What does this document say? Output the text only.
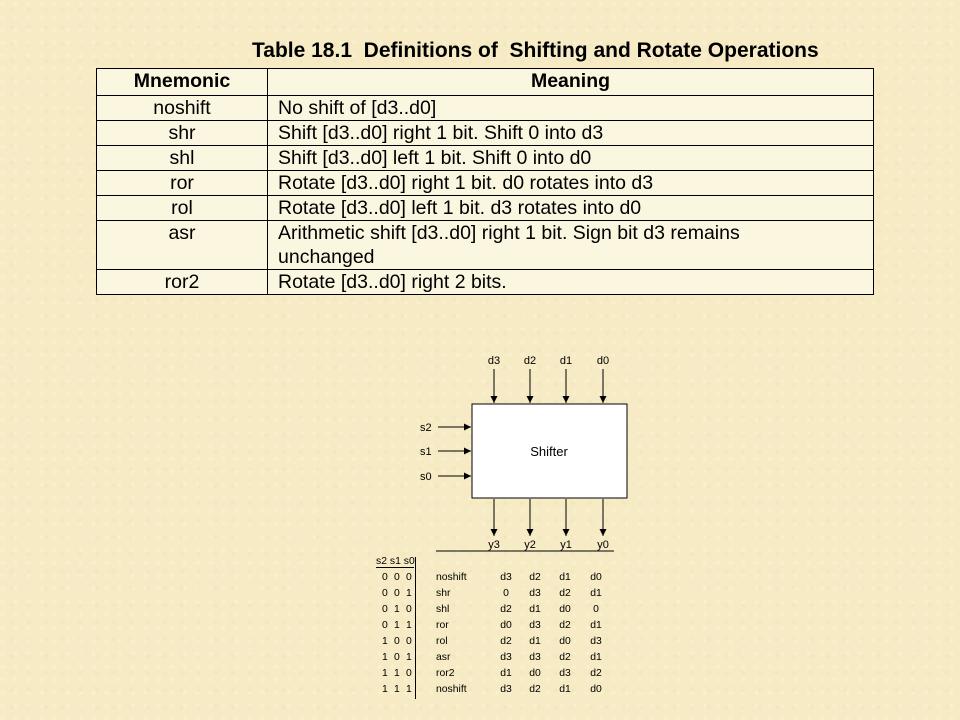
Table 18.1  Definitions of  Shifting and Rotate Operations
Mnemonic	Meaning
noshift	No shift of [d3..d0]
shr	Shift [d3..d0] right 1 bit. Shift 0 into d3
shl	Shift [d3..d0] left 1 bit. Shift 0 into d0
ror	Rotate [d3..d0] right 1 bit. d0 rotates into d3
rol	Rotate [d3..d0] left 1 bit. d3 rotates into d0
asr	Arithmetic shift [d3..d0] right 1 bit. Sign bit d3 remains unchanged
ror2	Rotate [d3..d0] right 2 bits.
Shifter
d3 d2 d1 d0
s2
s1
s0
y3 y2 y1 y0
s2 s1 s0
0 0 0 noshift	d3	d2	d1	d0
0 0 1 shr	0	d3	d2	d1
0 1 0 shl	d2	d1	d0	0
0 1 1 ror	d0	d3	d2	d1
1 0 0 rol	d2	d1	d0	d3
1 0 1 asr	d3	d3	d2	d1
1 1 0 ror2	d1	d0	d3	d2
1 1 1 noshift	d3	d2	d1	d0
